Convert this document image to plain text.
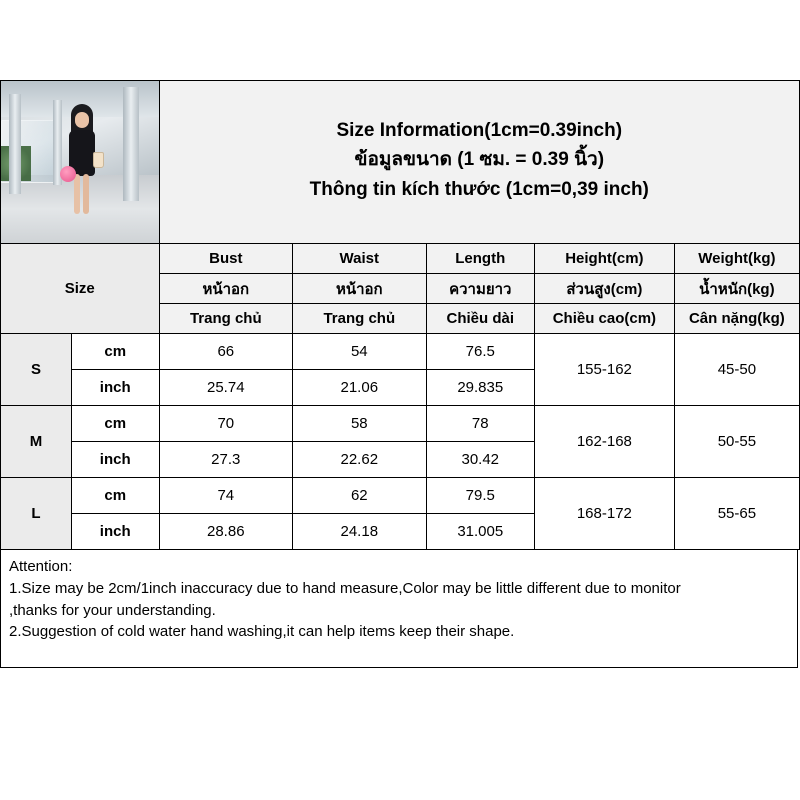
		Size Information(1cm=0.39inch)
ข้อมูลขนาด (1 ซม. = 0.39 นิ้ว)
Thông tin kích thước (1cm=0,39 inch)				

Size		Bust	Waist	Length	Height(cm)	Weight(kg)
		หน้าอก	หน้าอก	ความยาว	ส่วนสูง(cm)	น้ำหนัก(kg)
		Trang chủ	Trang chủ	Chiều dài	Chiều cao(cm)	Cân nặng(kg)
S	cm	66	54	76.5	155-162	45-50
	inch	25.74	21.06	29.835		
M	cm	70	58	78	162-168	50-55
	inch	27.3	22.62	30.42		
L	cm	74	62	79.5	168-172	55-65
	inch	28.86	24.18	31.005		
Attention:
1.Size may be 2cm/1inch inaccuracy due to hand measure,Color may be little different due to monitor
,thanks for your understanding.
2.Suggestion of cold water hand washing,it can help items keep their shape.
